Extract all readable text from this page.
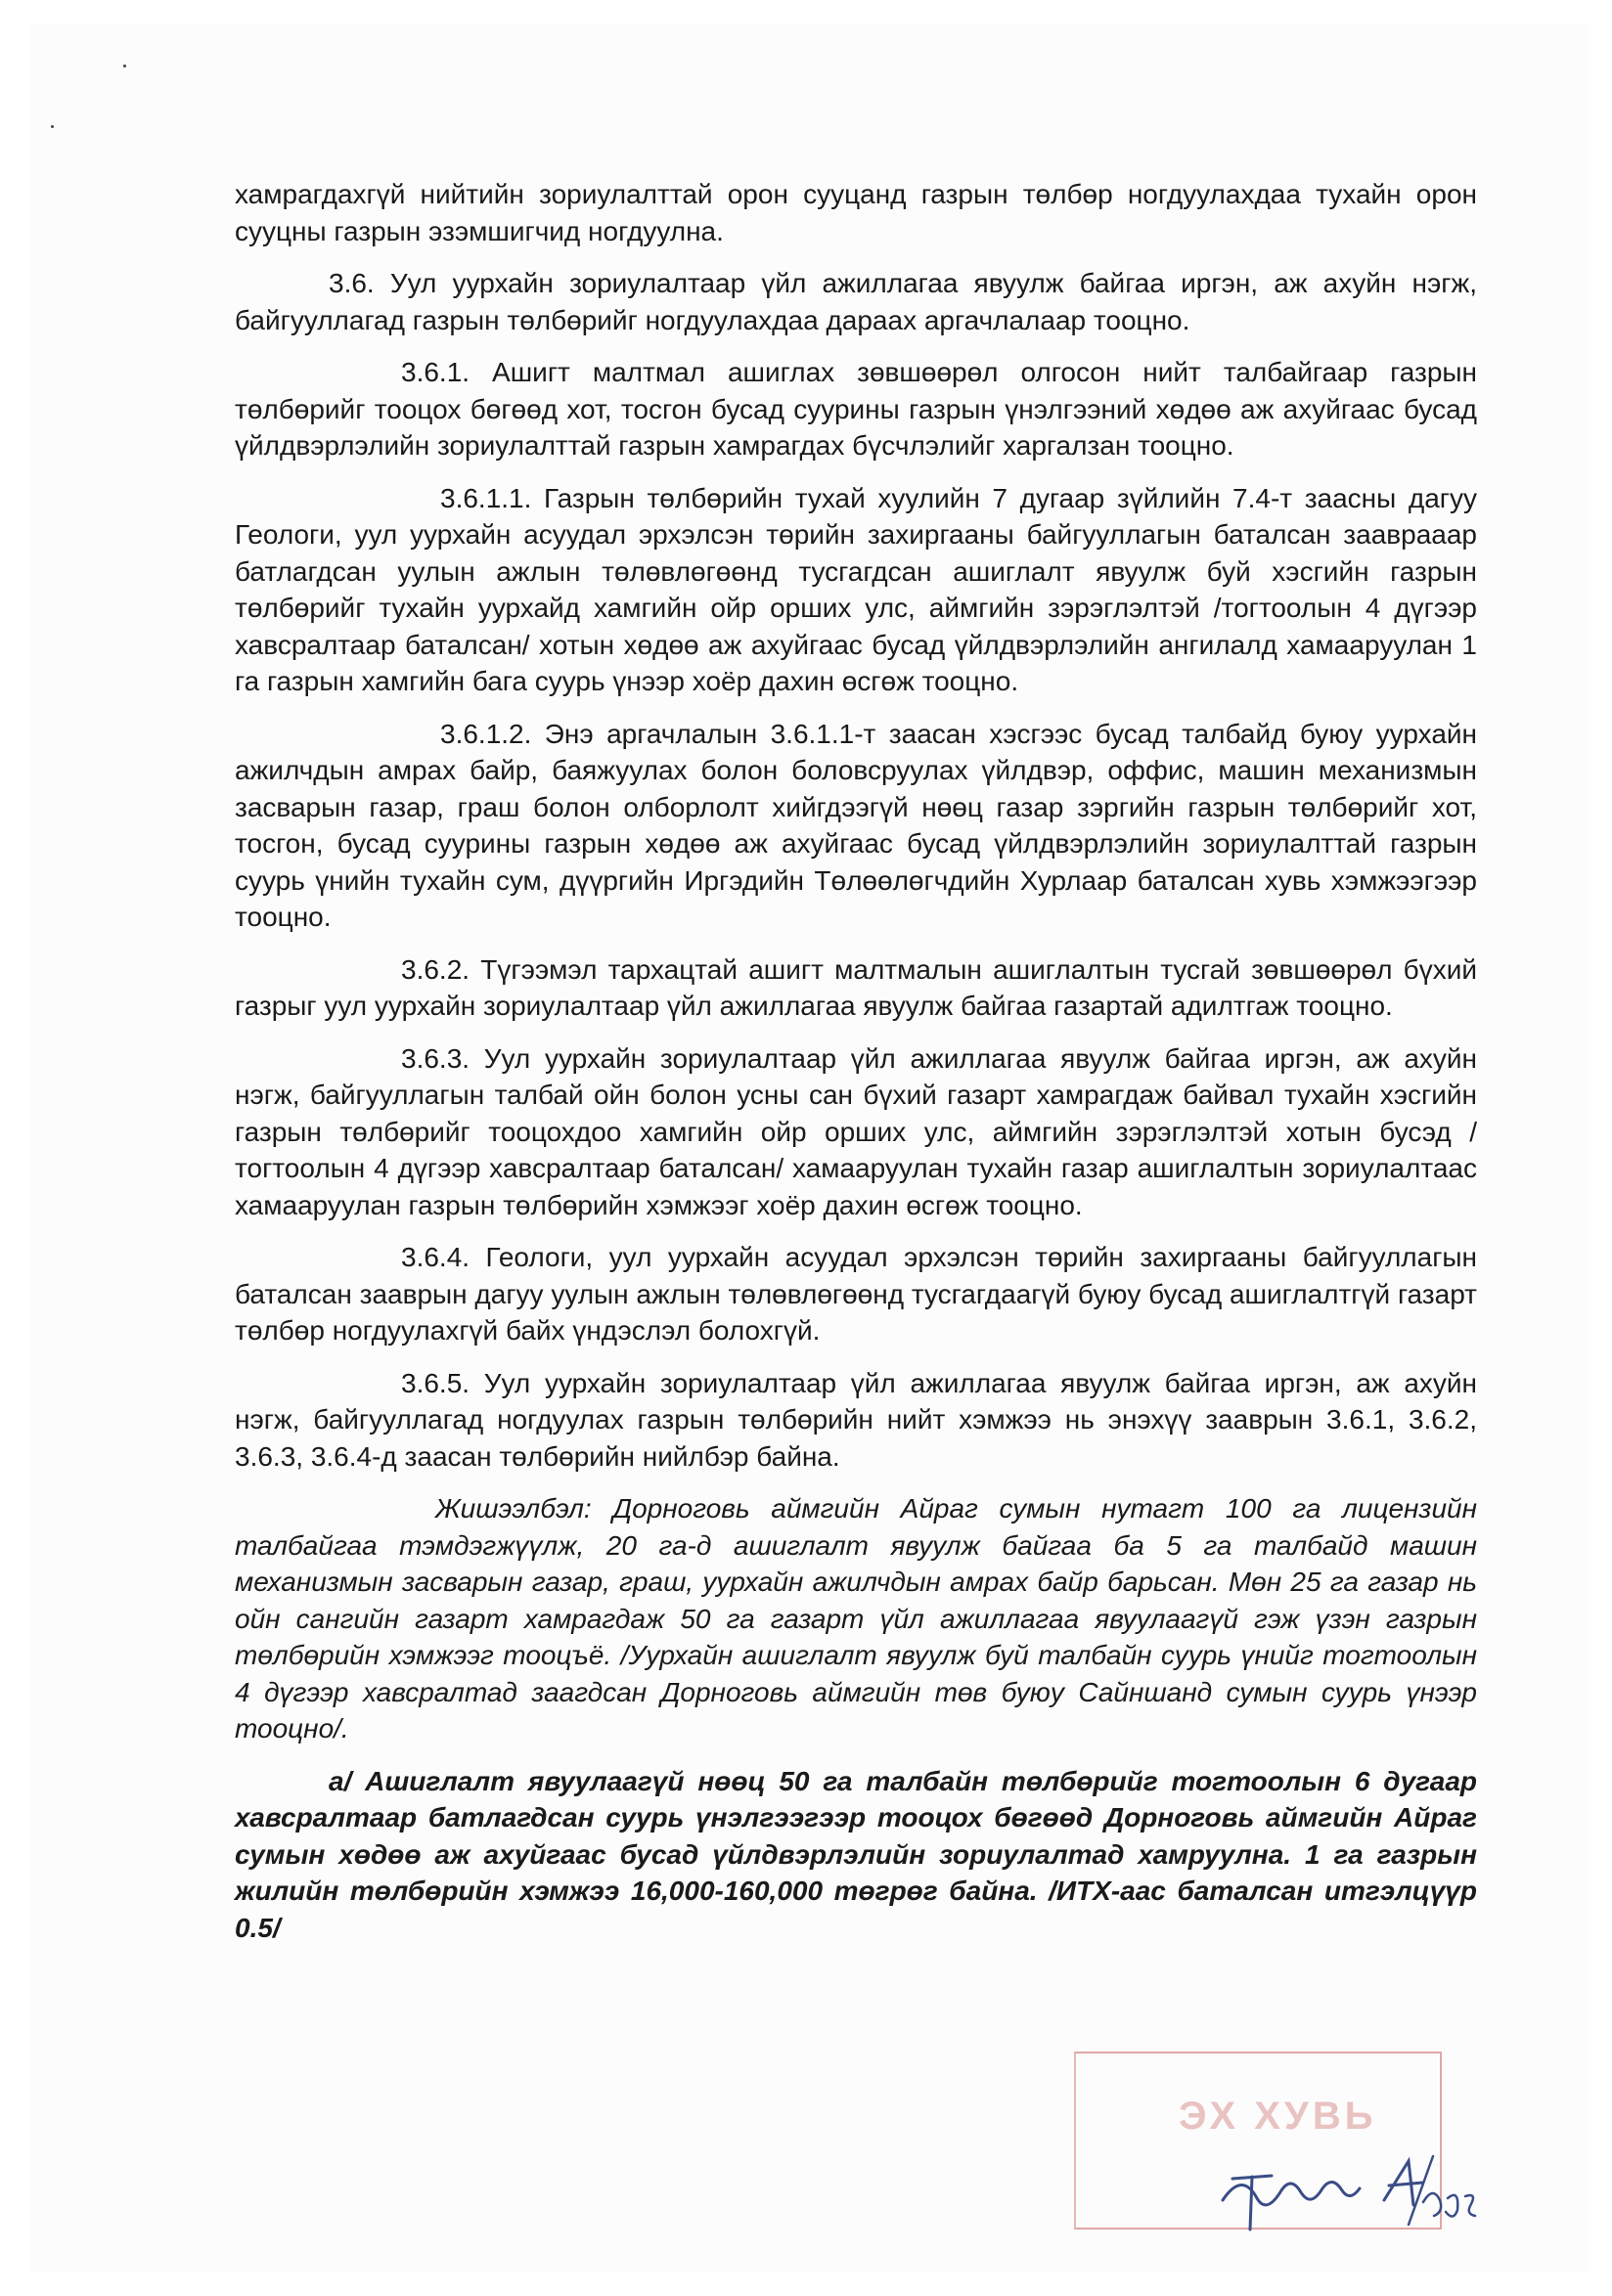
хамрагдахгүй нийтийн зориулалттай орон сууцанд газрын төлбөр ногдуулахдаа тухайн орон сууцны газрын эзэмшигчид ногдуулна.

3.6. Уул уурхайн зориулалтаар үйл ажиллагаа явуулж байгаа иргэн, аж ахуйн нэгж, байгууллагад газрын төлбөрийг ногдуулахдаа дараах аргачлалаар тооцно.

3.6.1. Ашигт малтмал ашиглах зөвшөөрөл олгосон нийт талбайгаар газрын төлбөрийг тооцох бөгөөд хот, тосгон бусад суурины газрын үнэлгээний хөдөө аж ахуйгаас бусад үйлдвэрлэлийн зориулалттай газрын хамрагдах бүсчлэлийг харгалзан тооцно.

3.6.1.1. Газрын төлбөрийн тухай хуулийн 7 дугаар зүйлийн 7.4-т заасны дагуу Геологи, уул уурхайн асуудал эрхэлсэн төрийн захиргааны байгууллагын баталсан зааврааар батлагдсан уулын ажлын төлөвлөгөөнд тусгагдсан ашиглалт явуулж буй хэсгийн газрын төлбөрийг тухайн уурхайд хамгийн ойр орших улс, аймгийн зэрэглэлтэй /тогтоолын 4 дүгээр хавсралтаар баталсан/ хотын хөдөө аж ахуйгаас бусад үйлдвэрлэлийн ангилалд хамааруулан 1 га газрын хамгийн бага суурь үнээр хоёр дахин өсгөж тооцно.

3.6.1.2. Энэ аргачлалын 3.6.1.1-т заасан хэсгээс бусад талбайд буюу уурхайн ажилчдын амрах байр, баяжуулах болон боловсруулах үйлдвэр, оффис, машин механизмын засварын газар, граш болон олборлолт хийгдээгүй нөөц газар зэргийн газрын төлбөрийг хот, тосгон, бусад суурины газрын хөдөө аж ахуйгаас бусад үйлдвэрлэлийн зориулалттай газрын суурь үнийн тухайн сум, дүүргийн Иргэдийн Төлөөлөгчдийн Хурлаар баталсан хувь хэмжээгээр тооцно.

3.6.2. Түгээмэл тархацтай ашигт малтмалын ашиглалтын тусгай зөвшөөрөл бүхий газрыг уул уурхайн зориулалтаар үйл ажиллагаа явуулж байгаа газартай адилтгаж тооцно.

3.6.3. Уул уурхайн зориулалтаар үйл ажиллагаа явуулж байгаа иргэн, аж ахуйн нэгж, байгууллагын талбай ойн болон усны сан бүхий газарт хамрагдаж байвал тухайн хэсгийн газрын төлбөрийг тооцохдоо хамгийн ойр орших улс, аймгийн зэрэглэлтэй хотын бусэд /тогтоолын 4 дүгээр хавсралтаар баталсан/ хамааруулан тухайн газар ашиглалтын зориулалтаас хамааруулан газрын төлбөрийн хэмжээг хоёр дахин өсгөж тооцно.

3.6.4. Геологи, уул уурхайн асуудал эрхэлсэн төрийн захиргааны байгууллагын баталсан зааврын дагуу уулын ажлын төлөвлөгөөнд тусгагдаагүй буюу бусад ашиглалтгүй газарт төлбөр ногдуулахгүй байх үндэслэл болохгүй.

3.6.5. Уул уурхайн зориулалтаар үйл ажиллагаа явуулж байгаа иргэн, аж ахуйн нэгж, байгууллагад ногдуулах газрын төлбөрийн нийт хэмжээ нь энэхүү зааврын 3.6.1, 3.6.2, 3.6.3, 3.6.4-д заасан төлбөрийн нийлбэр байна.

Жишээлбэл: Дорноговь аймгийн Айраг сумын нутагт 100 га лицензийн талбайгаа тэмдэгжүүлж, 20 га-д ашиглалт явуулж байгаа ба 5 га талбайд машин механизмын засварын газар, граш, уурхайн ажилчдын амрах байр барьсан. Мөн 25 га газар нь ойн сангийн газарт хамрагдаж 50 га газарт үйл ажиллагаа явуулаагүй гэж үзэн газрын төлбөрийн хэмжээг тооцъё. /Уурхайн ашиглалт явуулж буй талбайн суурь үнийг тогтоолын 4 дүгээр хавсралтад заагдсан Дорноговь аймгийн төв буюу Сайншанд сумын суурь үнээр тооцно/.

а/ Ашиглалт явуулаагүй нөөц 50 га талбайн төлбөрийг тогтоолын 6 дугаар хавсралтаар батлагдсан суурь үнэлгээгээр тооцох бөгөөд Дорноговь аймгийн Айраг сумын хөдөө аж ахуйгаас бусад үйлдвэрлэлийн зориулалтад хамруулна. 1 га газрын жилийн төлбөрийн хэмжээ 16,000-160,000 төгрөг байна. /ИТХ-аас баталсан итгэлцүүр 0.5/

ЭХ ХУВЬ
